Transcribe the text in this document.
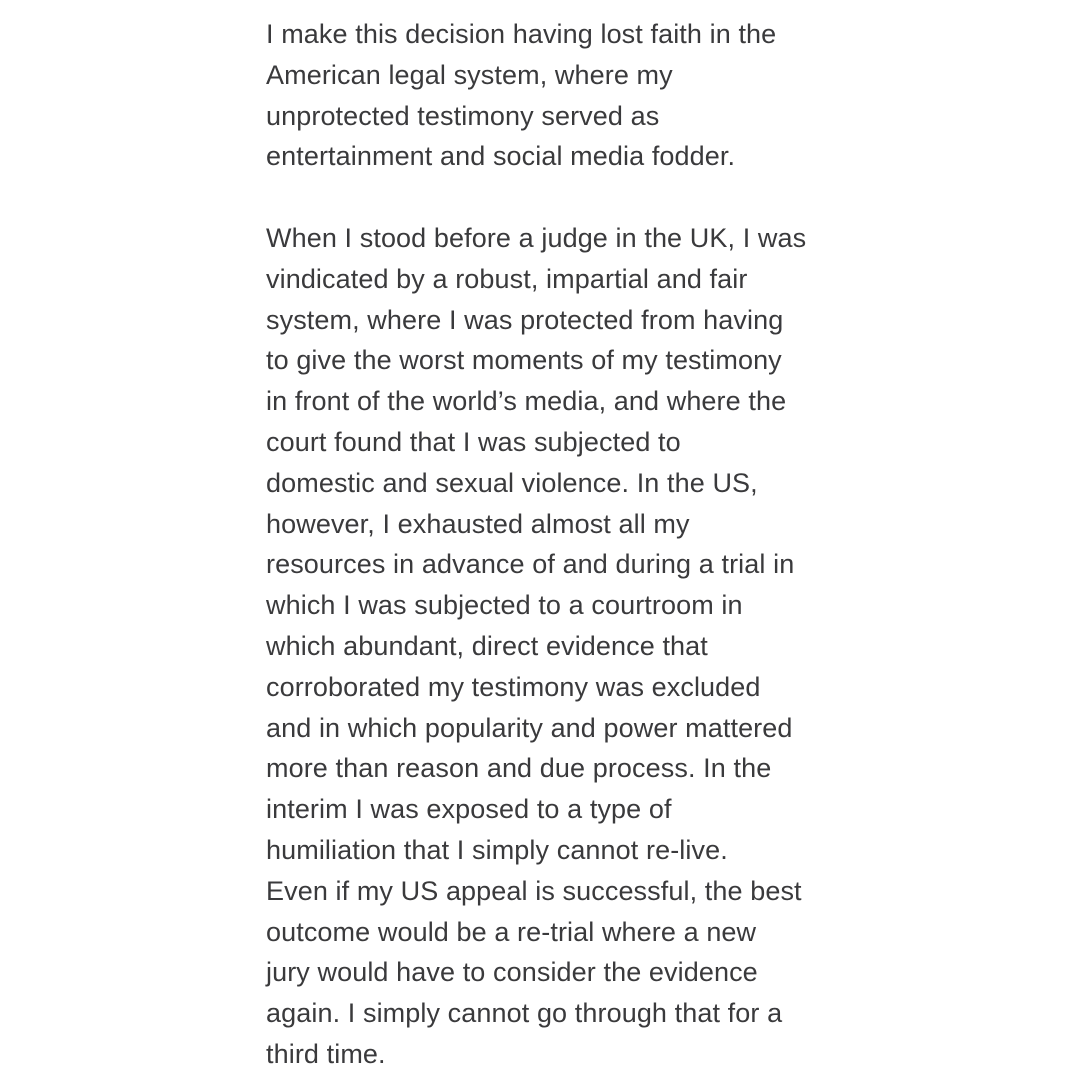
I make this decision having lost faith in the
American legal system, where my
unprotected testimony served as
entertainment and social media fodder.
When I stood before a judge in the UK, I was
vindicated by a robust, impartial and fair
system, where I was protected from having
to give the worst moments of my testimony
in front of the world’s media, and where the
court found that I was subjected to
domestic and sexual violence. In the US,
however, I exhausted almost all my
resources in advance of and during a trial in
which I was subjected to a courtroom in
which abundant, direct evidence that
corroborated my testimony was excluded
and in which popularity and power mattered
more than reason and due process. In the
interim I was exposed to a type of
humiliation that I simply cannot re-live.
Even if my US appeal is successful, the best
outcome would be a re-trial where a new
jury would have to consider the evidence
again. I simply cannot go through that for a
third time.
